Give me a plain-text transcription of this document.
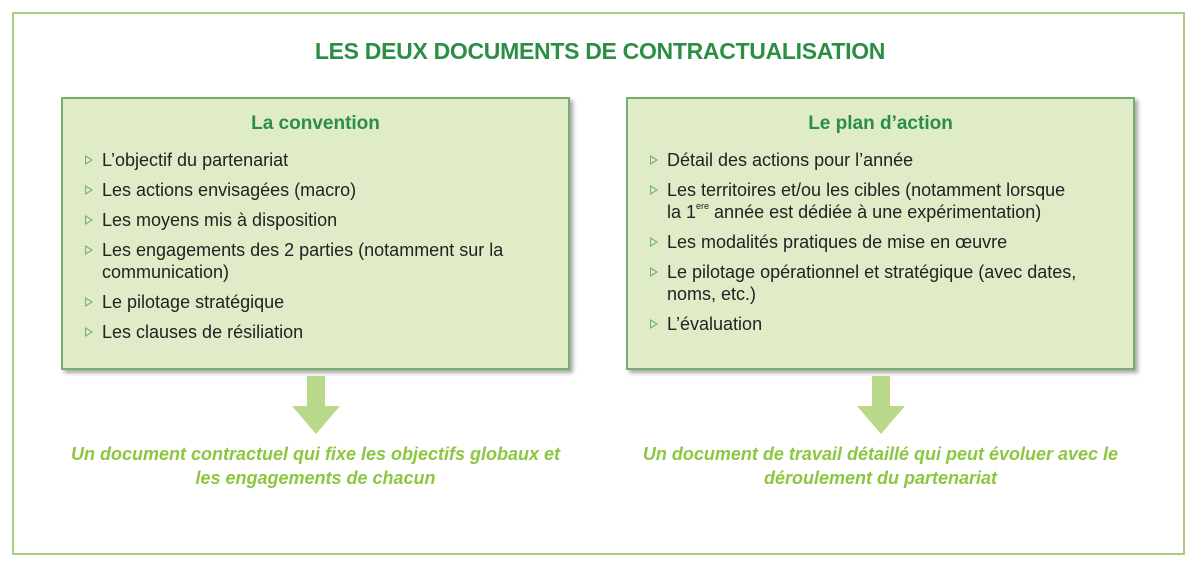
LES DEUX DOCUMENTS DE CONTRACTUALISATION
La convention
L’objectif du partenariat
Les actions envisagées (macro)
Les moyens mis à disposition
Les engagements des 2 parties (notamment sur la communication)
Le pilotage stratégique
Les clauses de résiliation
Le plan d’action
Détail des actions pour l’année
Les territoires et/ou les cibles (notamment lorsque
la 1ere année est dédiée à une expérimentation)
Les modalités pratiques de mise en œuvre
Le pilotage opérationnel et stratégique (avec dates, noms, etc.)
L’évaluation
Un document contractuel qui fixe les objectifs globaux et les engagements de chacun
Un document de travail détaillé qui peut évoluer avec le déroulement du partenariat
